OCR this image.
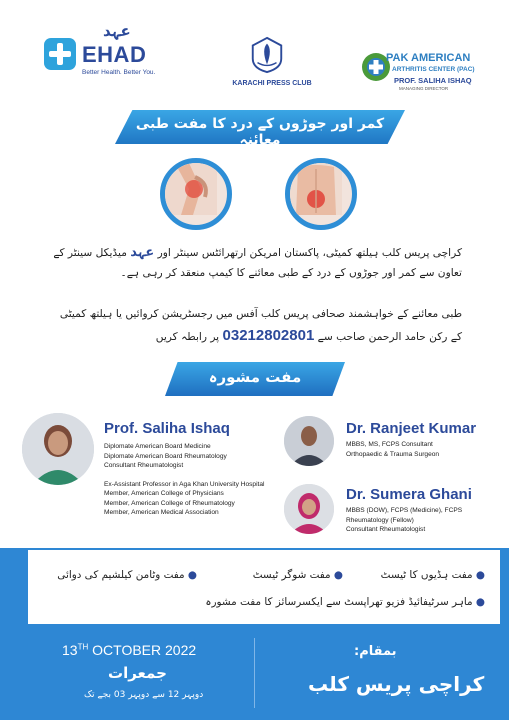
عہد
EHAD
Better Health. Better You.
KARACHI PRESS CLUB
PAK AMERICAN
ARTHRITIS CENTER (PAC)
PROF. SALIHA ISHAQ
MANAGING DIRECTOR
کمر اور جوڑوں کے درد کا مفت طبی معائنہ
کراچی پریس کلب ہیلتھ کمیٹی، پاکستان امریکن ارتھرائٹس سینٹر اور عہد میڈیکل سینٹر کے تعاون سے کمر اور جوڑوں کے درد کے طبی معائنے کا کیمپ منعقد کر رہی ہے۔
طبی معائنے کے خواہشمند صحافی پریس کلب آفس میں رجسٹریشن کروائیں یا ہیلتھ کمیٹی کے رکن حامد الرحمن صاحب سے 03212802801 پر رابطہ کریں
مفت مشورہ
Prof. Saliha Ishaq
Diplomate American Board Medicine
Diplomate American Board Rheumatology
Consultant Rheumatologist
Ex-Assistant Professor in Aga Khan University Hospital
Member, American College of Physicians
Member, American College of Rheumatology
Member, American Medical Association
Dr. Ranjeet Kumar
MBBS, MS, FCPS Consultant
Orthopaedic & Trauma Surgeon
Dr. Sumera Ghani
MBBS (DOW), FCPS (Medicine), FCPS
Rheumatology (Fellow)
Consultant Rheumatologist
● مفت ہڈیوں کا ٹیسٹ
● مفت شوگر ٹیسٹ
● مفت وٹامن کیلشیم کی دوائی
● ماہر سرٹیفائیڈ فزیو تھراپسٹ سے ایکسرسائز کا مفت مشورہ
13TH OCTOBER 2022
جمعرات
دوپہر 12 سے دوپہر 03 بجے تک
بمقام:
کراچی پریس کلب
